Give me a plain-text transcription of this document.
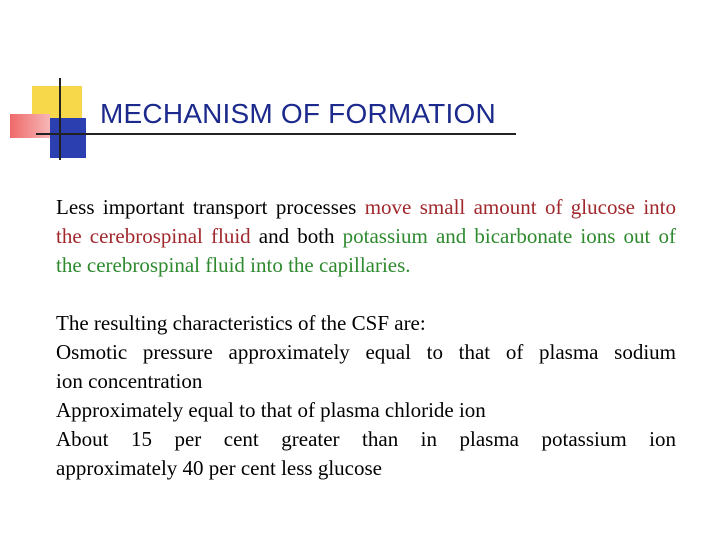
MECHANISM OF FORMATION
Less important transport processes move small amount of glucose into the cerebrospinal fluid and both potassium and bicarbonate ions out of the cerebrospinal fluid into the capillaries.
The resulting characteristics of the CSF are:
Osmotic pressure approximately equal to that of plasma sodium
ion concentration
Approximately equal to that of plasma chloride ion
About 15 per cent greater than in plasma potassium ion
approximately 40 per cent less glucose
